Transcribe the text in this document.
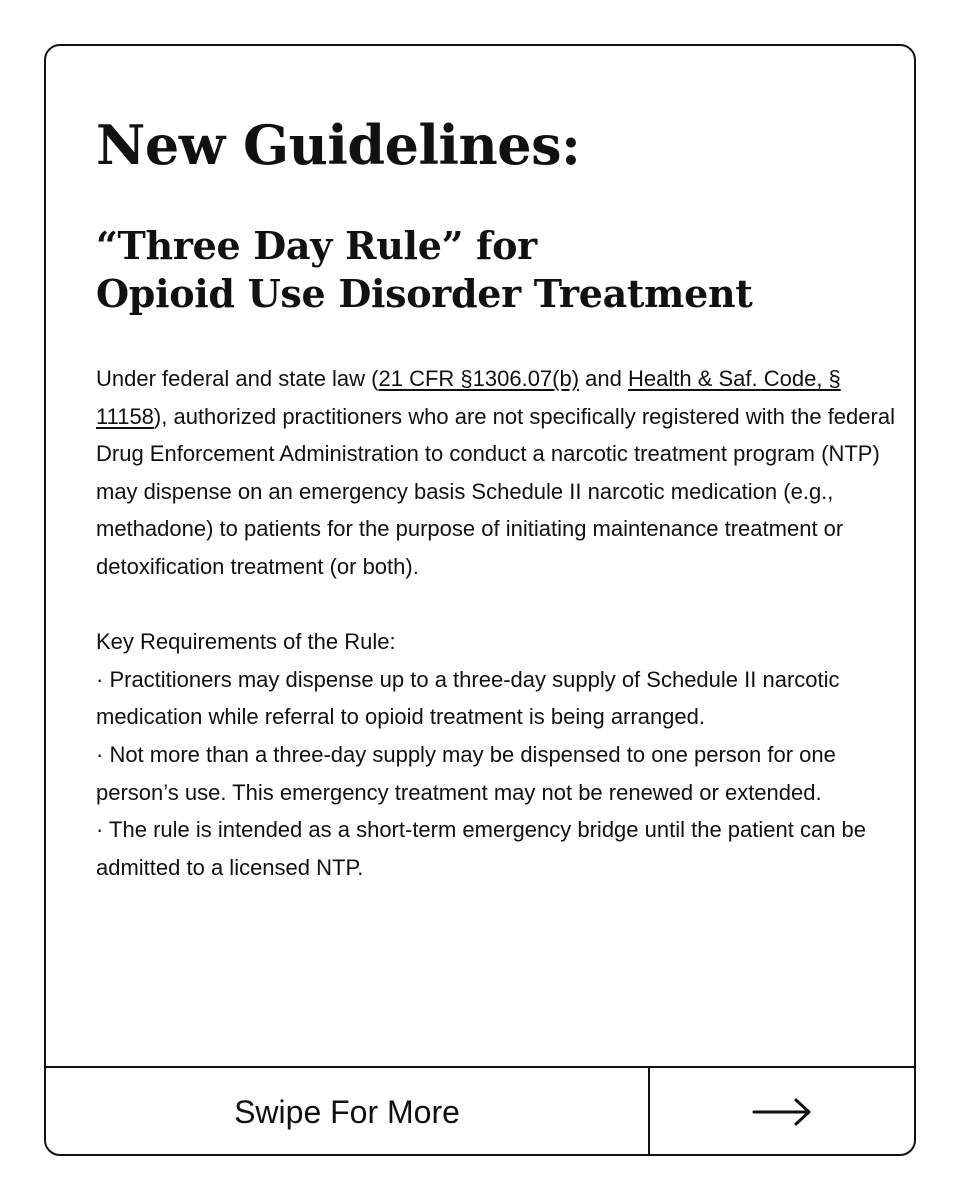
New Guidelines:
“Three Day Rule” for
Opioid Use Disorder Treatment

Under federal and state law (21 CFR §1306.07(b) and Health & Saf. Code, § 11158), authorized practitioners who are not specifically registered with the federal Drug Enforcement Administration to conduct a narcotic treatment program (NTP) may dispense on an emergency basis Schedule II narcotic medication (e.g., methadone) to patients for the purpose of initiating maintenance treatment or detoxification treatment (or both).

Key Requirements of the Rule:

· Practitioners may dispense up to a three-day supply of Schedule II narcotic medication while referral to opioid treatment is being arranged.

· Not more than a three-day supply may be dispensed to one person for one person’s use. This emergency treatment may not be renewed or extended.

· The rule is intended as a short-term emergency bridge until the patient can be admitted to a licensed NTP.

Swipe For More
